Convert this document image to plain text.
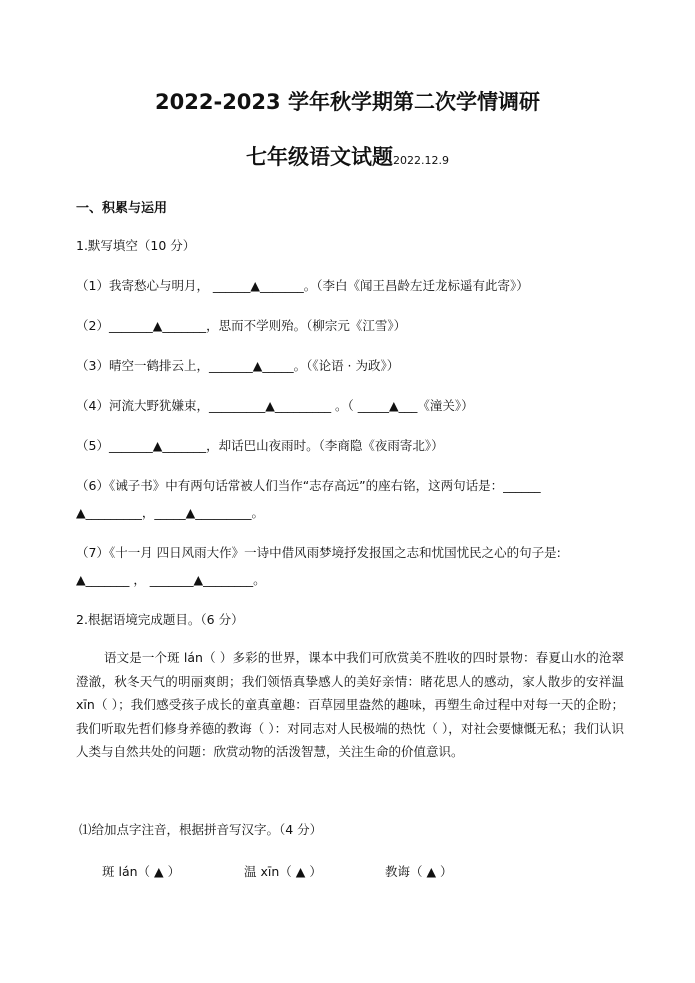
2022-2023 学年秋学期第二次学情调研
七年级语文试题2022.12.9
一、积累与运用
1.默写填空（10 分）
（1）我寄愁心与明月， ______▲_______。（李白《闻王昌龄左迁龙标遥有此寄》）
（2）_______▲_______，思而不学则殆。（柳宗元《江雪》）
（3）晴空一鹤排云上，_______▲_____。（《论语 · 为政》）
（4）河流大野犹嫌束，_________▲_________ 。（ _____▲___《潼关》）
（5）_______▲_______，却话巴山夜雨时。（李商隐《夜雨寄北》）
（6）《诫子书》中有两句话常被人们当作“志存高远”的座右铭，这两句话是：______
▲_________，_____▲_________。
（7）《十一月 四日风雨大作》一诗中借风雨梦境抒发报国之志和忧国忧民之心的句子是:
▲_______ ， _______▲________。
2.根据语境完成题目。（6 分）
语文是一个斑 lán（ ）多彩的世界，课本中我们可欣赏美不胜收的四时景物：春夏山水的沧翠澄澈，秋冬天气的明丽爽朗；我们领悟真挚感人的美好亲情：睹花思人的感动，家人散步的安祥温 xīn（ ）；我们感受孩子成长的童真童趣：百草园里盎然的趣味，再塑生命过程中对每一天的企盼；我们听取先哲们修身养德的教诲（ ）：对同志对人民极端的热忱（ ），对社会要慷慨无私；我们认识人类与自然共处的问题：欣赏动物的活泼智慧，关注生命的价值意识。
⑴给加点字注音，根据拼音写汉字。（4 分）
斑 lán（ ▲ ）	温 xīn（ ▲ ）	教诲（ ▲ ）
